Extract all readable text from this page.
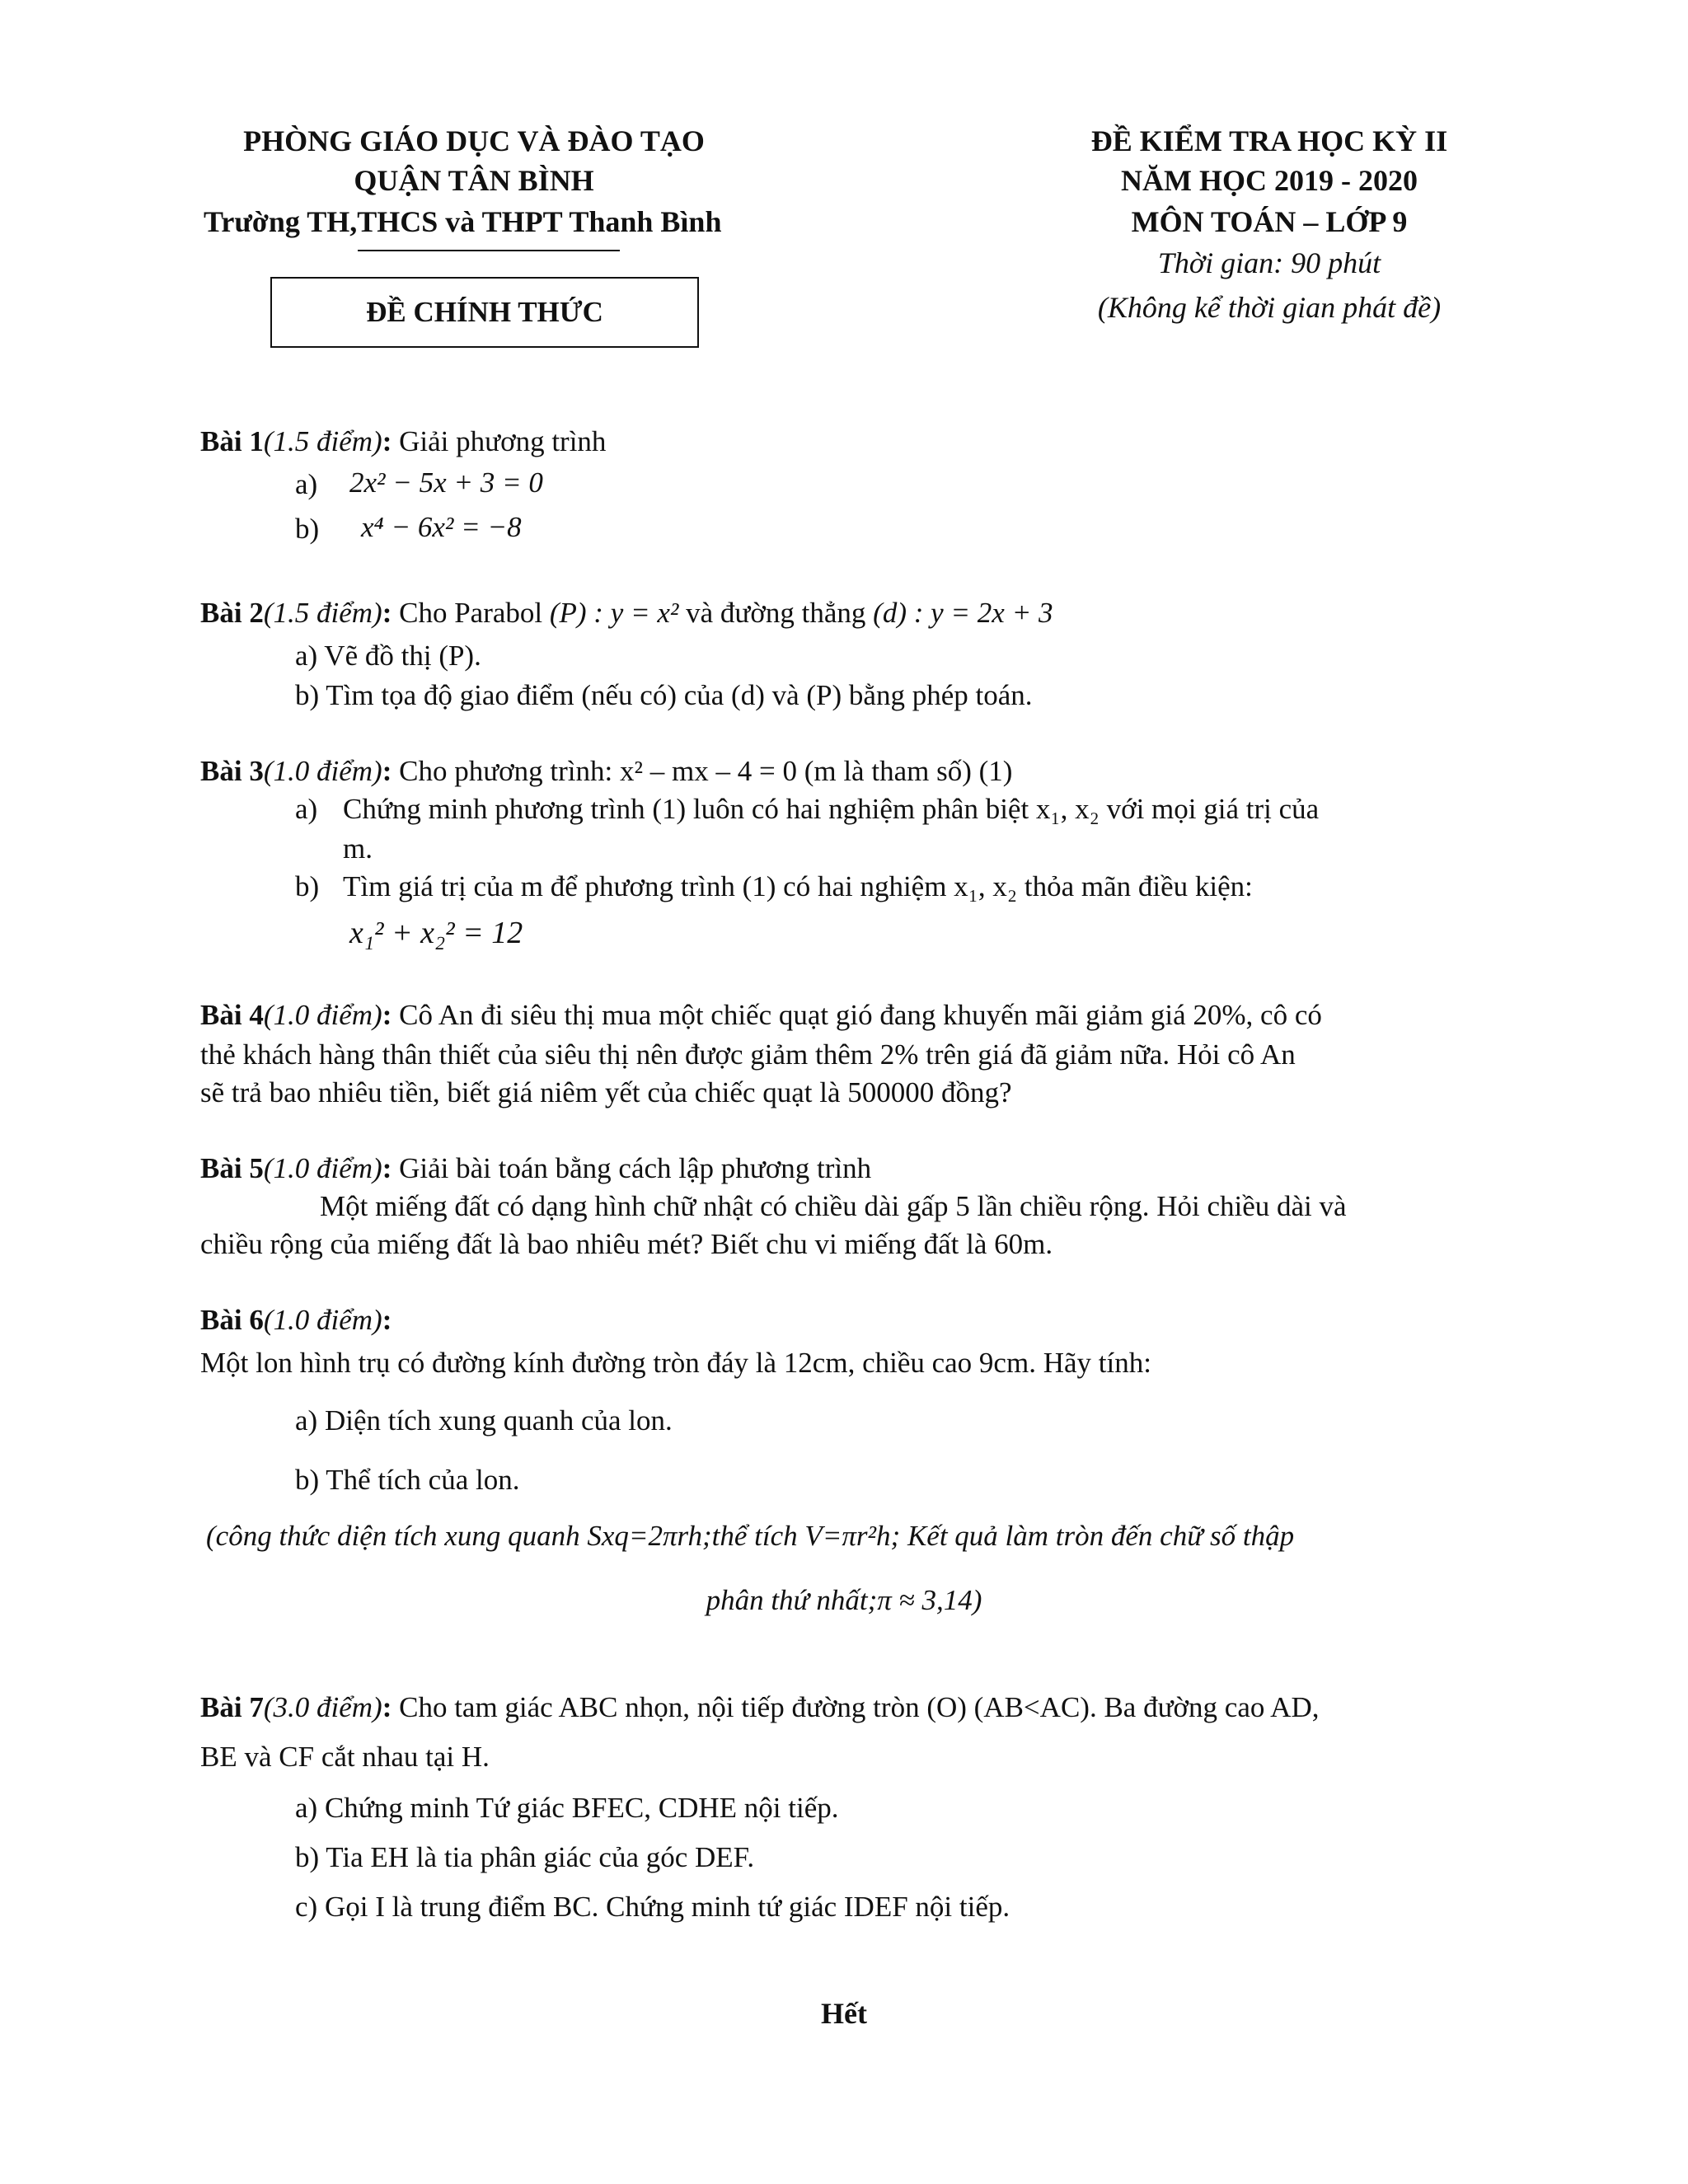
PHÒNG GIÁO DỤC VÀ ĐÀO TẠO
QUẬN TÂN BÌNH
Trường TH,THCS và THPT Thanh Bình
ĐỀ CHÍNH THỨC
ĐỀ KIỂM TRA HỌC KỲ II
NĂM HỌC 2019 - 2020
MÔN TOÁN – LỚP 9
Thời gian: 90 phút
(Không kể thời gian phát đề)
Bài 1(1.5 điểm): Giải phương trình
a) 2x² − 5x + 3 = 0
b) x⁴ − 6x² = −8
Bài 2(1.5 điểm): Cho Parabol (P) : y = x² và đường thẳng (d) : y = 2x + 3
a) Vẽ đồ thị (P).
b) Tìm tọa độ giao điểm (nếu có) của (d) và (P) bằng phép toán.
Bài 3(1.0 điểm): Cho phương trình: x² – mx – 4 = 0 (m là tham số) (1)
a) Chứng minh phương trình (1) luôn có hai nghiệm phân biệt x₁, x₂ với mọi giá trị của
m.
b) Tìm giá trị của m để phương trình (1) có hai nghiệm x₁, x₂ thỏa mãn điều kiện:
x₁² + x₂² = 12
Bài 4(1.0 điểm): Cô An đi siêu thị mua một chiếc quạt gió đang khuyến mãi giảm giá 20%, cô có
thẻ khách hàng thân thiết của siêu thị nên được giảm thêm 2% trên giá đã giảm nữa. Hỏi cô An
sẽ trả bao nhiêu tiền, biết giá niêm yết của chiếc quạt là 500000 đồng?
Bài 5(1.0 điểm): Giải bài toán bằng cách lập phương trình
Một miếng đất có dạng hình chữ nhật có chiều dài gấp 5 lần chiều rộng. Hỏi chiều dài và
chiều rộng của miếng đất là bao nhiêu mét? Biết chu vi miếng đất là 60m.
Bài 6(1.0 điểm):
Một lon hình trụ có đường kính đường tròn đáy là 12cm, chiều cao 9cm. Hãy tính:
a) Diện tích xung quanh của lon.
b) Thể tích của lon.
(công thức diện tích xung quanh Sxq=2πrh;thể tích V=πr²h; Kết quả làm tròn đến chữ số thập
phân thứ nhất;π ≈ 3,14)
Bài 7(3.0 điểm): Cho tam giác ABC nhọn, nội tiếp đường tròn (O) (AB<AC). Ba đường cao AD,
BE và CF cắt nhau tại H.
a) Chứng minh Tứ giác BFEC, CDHE nội tiếp.
b) Tia EH là tia phân giác của góc DEF.
c) Gọi I là trung điểm BC. Chứng minh tứ giác IDEF nội tiếp.
Hết
